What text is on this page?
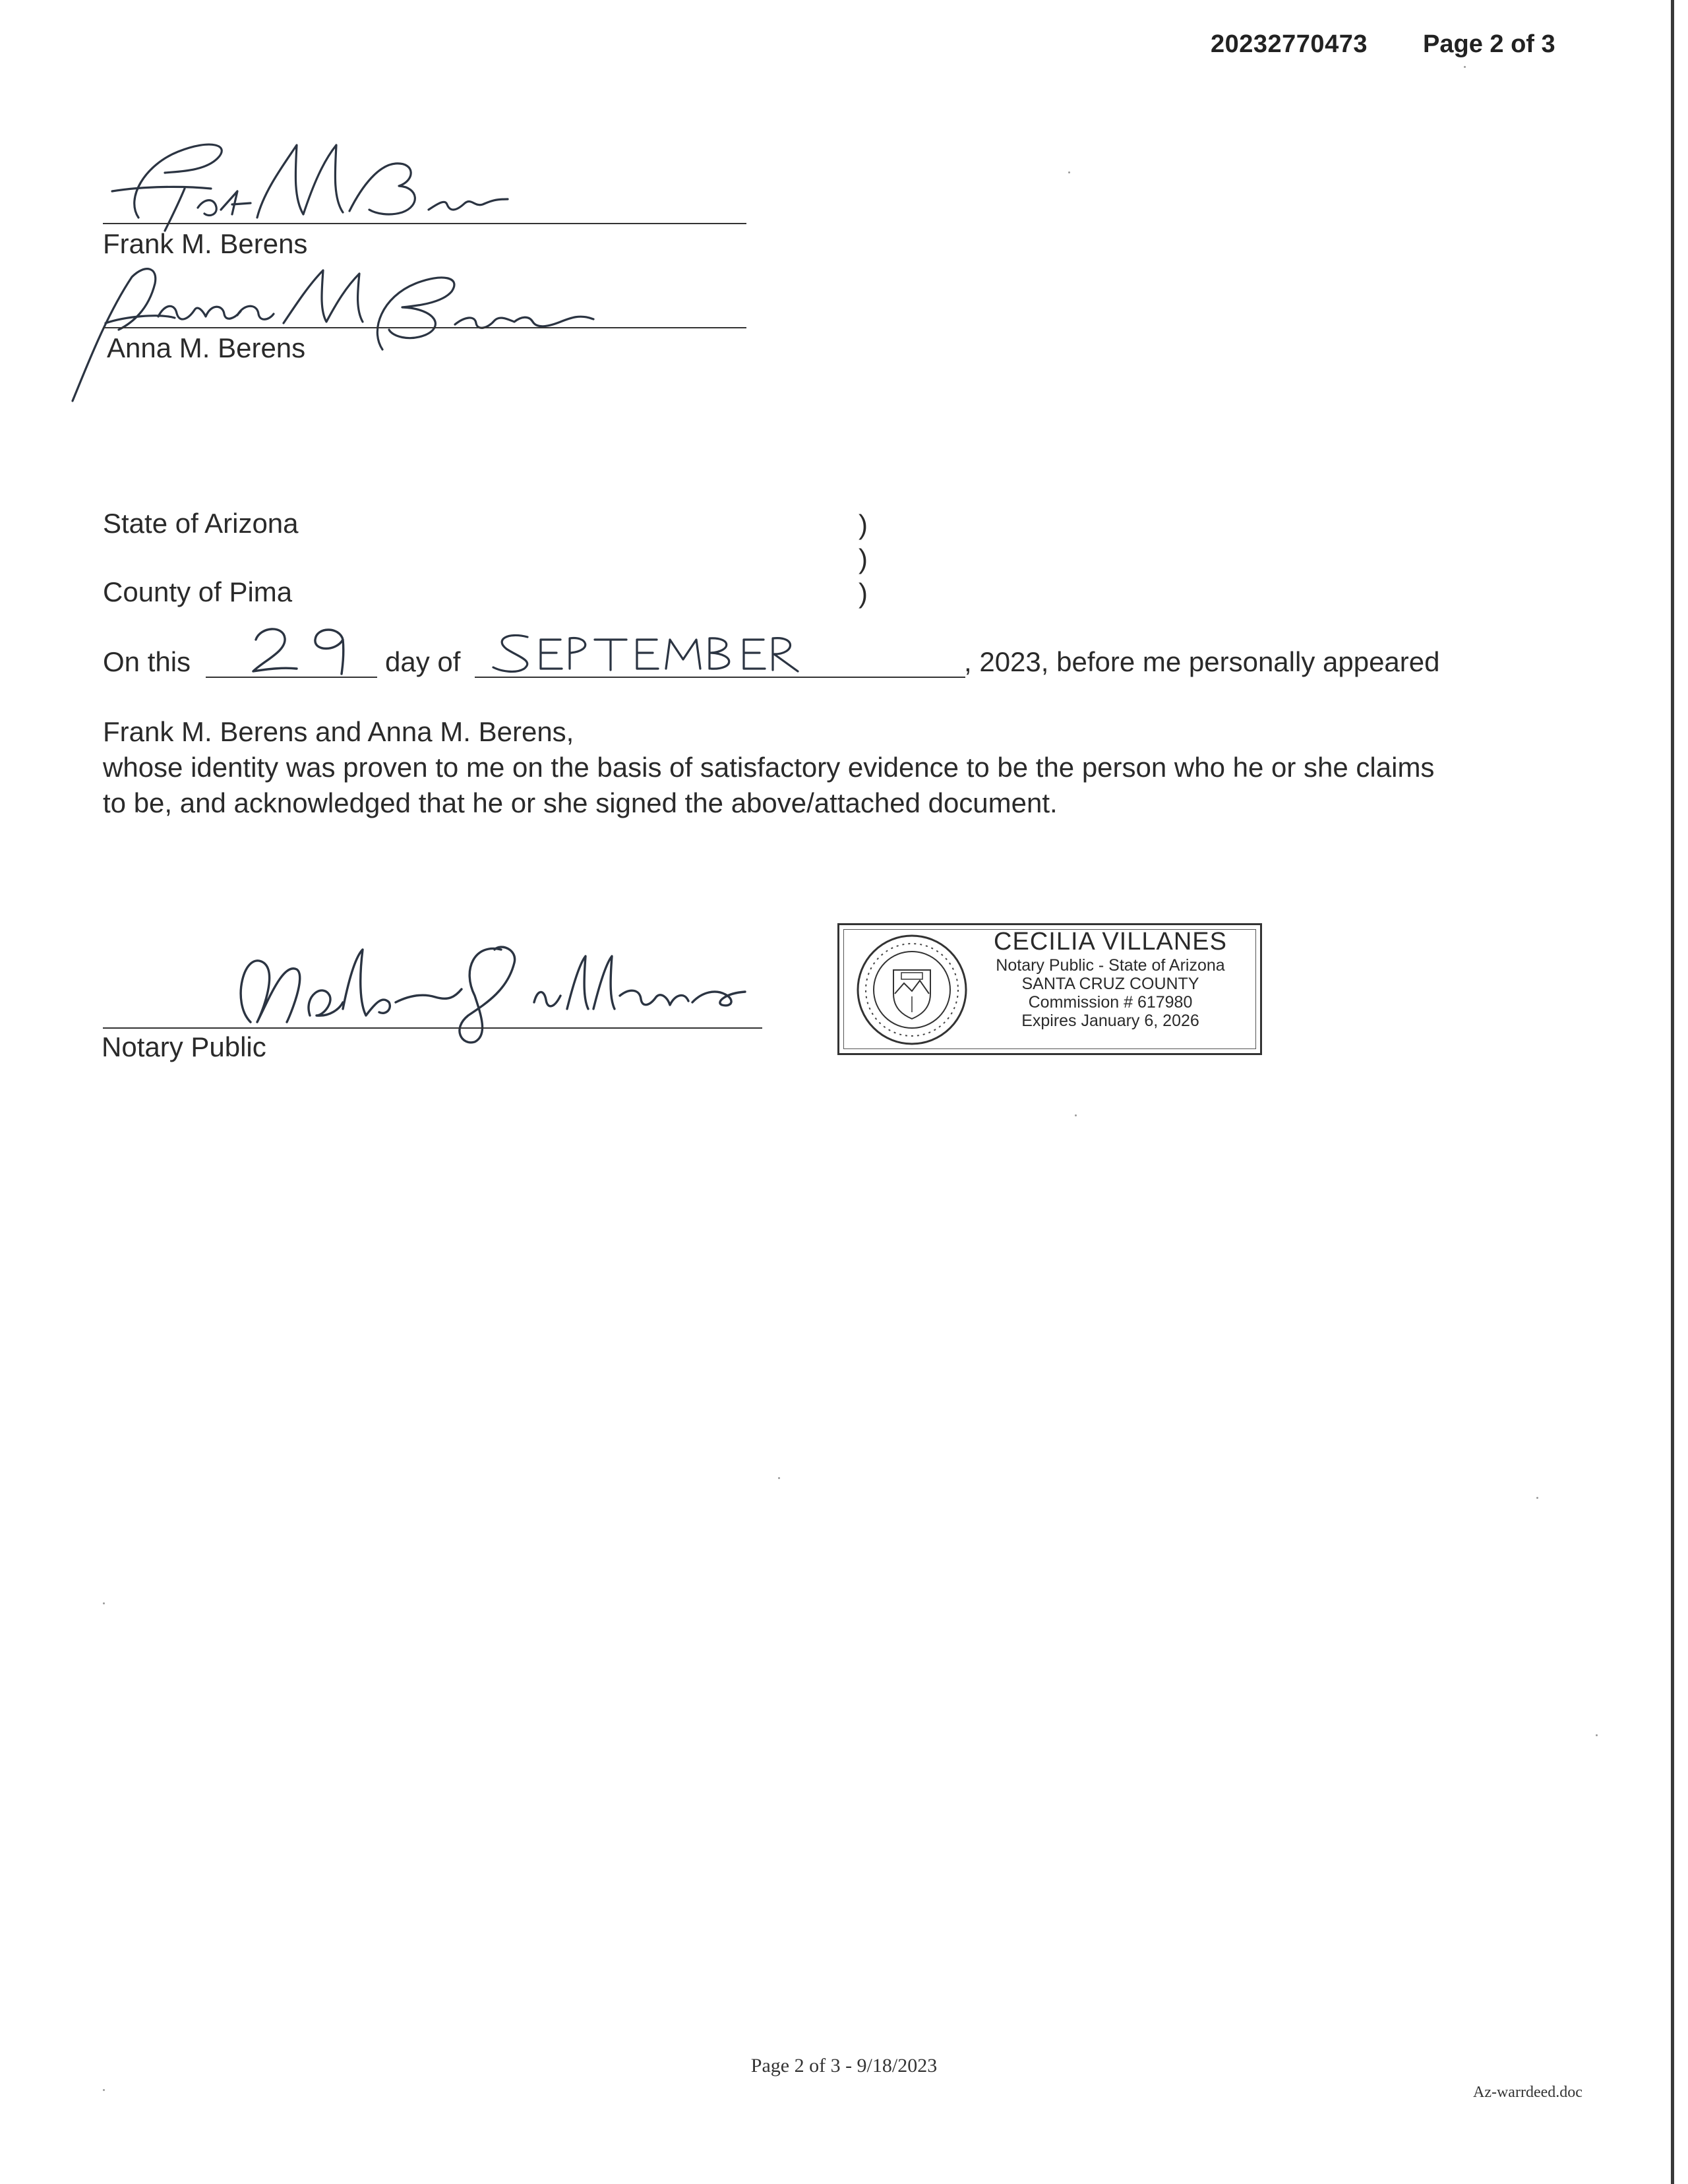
20232770473 Page 2 of 3
Frank M. Berens
Anna M. Berens
State of Arizona
County of Pima
)
)
)
On this	day of	, 2023, before me personally appeared
Frank M. Berens and Anna M. Berens,
whose identity was proven to me on the basis of satisfactory evidence to be the person who he or she claims
to be, and acknowledged that he or she signed the above/attached document.
Notary Public
CECILIA VILLANES
Notary Public - State of Arizona
SANTA CRUZ COUNTY
Commission # 617980
Expires January 6, 2026
Page 2 of 3 - 9/18/2023
Az-warrdeed.doc
